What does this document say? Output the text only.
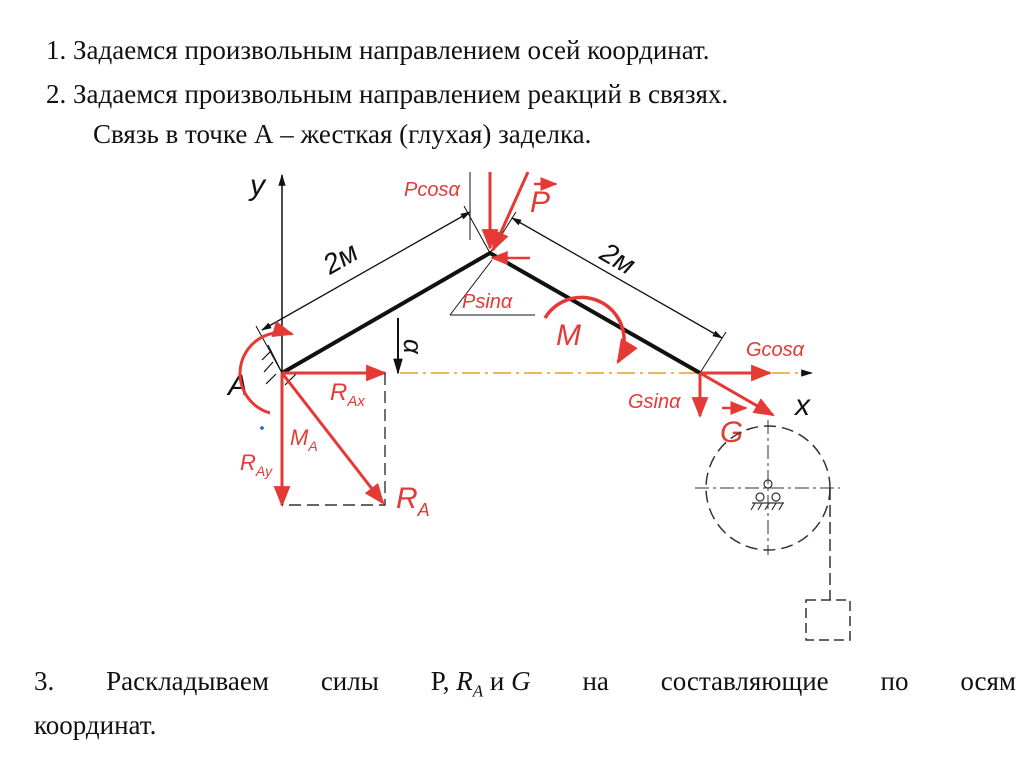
1. Задаемся произвольным направлением осей координат.
2. Задаемся произвольным направлением реакций в связях.
Связь в точке А – жесткая (глухая) заделка.
y
x
2м	2м
α
A
Pcosα P
Psinα
M	Gcosα
Gsinα
G
$R_{Ax}$
$R_{Ay}$
$R_A$
$M_A$
3. Раскладываем силы P, $R_A$ и G на составляющие по осям
координат.
